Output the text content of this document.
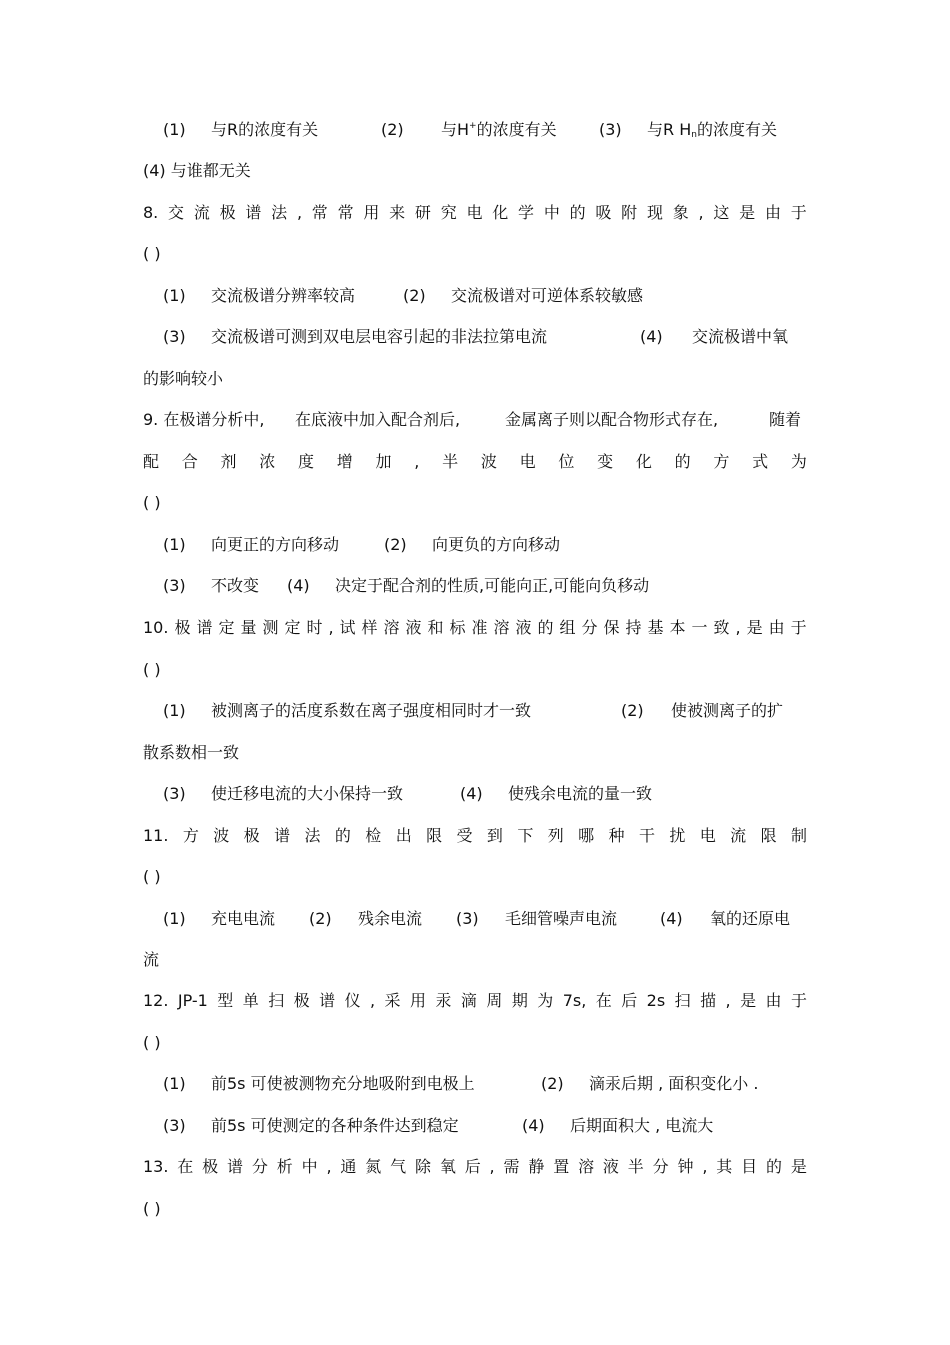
(1) 与R的浓度有关	(2) 与H+的浓度有关	(3) 与R $H_n$的浓度有关
(4) 与谁都无关
8. 交 流 极 谱 法 , 常 常 用 来 研 究 电 化 学 中 的 吸 附 现 象 , 这 是 由 于
( )
(1) 交流极谱分辨率较高	(2) 交流极谱对可逆体系较敏感
(3) 交流极谱可测到双电层电容引起的非法拉第电流	(4) 交流极谱中氧
的影响较小
9. 在极谱分析中, 在底液中加入配合剂后,	金属离子则以配合物形式存在,	随着
配 合 剂 浓 度 增 加 , 半 波 电 位 变 化 的 方 式 为
( )
(1) 向更正的方向移动	(2) 向更负的方向移动
(3) 不改变 (4) 决定于配合剂的性质,可能向正,可能向负移动
10. 极 谱 定 量 测 定 时 , 试 样 溶 液 和 标 准 溶 液 的 组 分 保 持 基 本 一 致 , 是 由 于
( )
(1) 被测离子的活度系数在离子强度相同时才一致	(2) 使被测离子的扩
散系数相一致
(3) 使迁移电流的大小保持一致	(4) 使残余电流的量一致
11. 方 波 极 谱 法 的 检 出 限 受 到 下 列 哪 种 干 扰 电 流 限 制
( )
(1) 充电电流 (2) 残余电流 (3) 毛细管噪声电流	(4) 氧的还原电
流
12. JP-1 型 单 扫 极 谱 仪 , 采 用 汞 滴 周 期 为 7s, 在 后 2s 扫 描 , 是 由 于
( )
(1) 前5s 可使被测物充分地吸附到电极上	(2) 滴汞后期 , 面积变化小 .
(3) 前5s 可使测定的各种条件达到稳定	(4) 后期面积大 , 电流大
13. 在 极 谱 分 析 中 , 通 氮 气 除 氧 后 , 需 静 置 溶 液 半 分 钟 , 其 目 的 是
( )
